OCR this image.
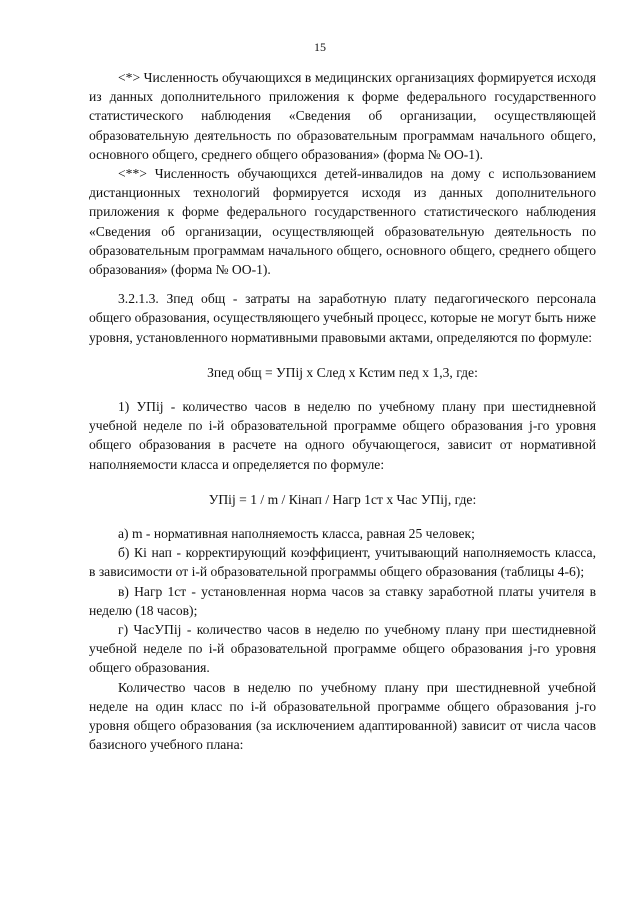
15

<*> Численность обучающихся в медицинских организациях формируется исходя из данных дополнительного приложения к форме федерального государственного статистического наблюдения «Сведения об организации, осуществляющей образовательную деятельность по образовательным программам начального общего, основного общего, среднего общего образования» (форма № ОО-1).

<**> Численность обучающихся детей-инвалидов на дому с использованием дистанционных технологий формируется исходя из данных дополнительного приложения к форме федерального государственного статистического наблюдения «Сведения об организации, осуществляющей образовательную деятельность по образовательным программам начального общего, основного общего, среднего общего образования» (форма № ОО-1).

3.2.1.3. Зпед общ - затраты на заработную плату педагогического персонала общего образования, осуществляющего учебный процесс, которые не могут быть ниже уровня, установленного нормативными правовыми актами, определяются по формуле:

Зпед общ = УПij х След х Кстим пед х 1,3, где:

1) УПij - количество часов в неделю по учебному плану при шестидневной учебной неделе по i-й образовательной программе общего образования j-го уровня общего образования в расчете на одного обучающегося, зависит от нормативной наполняемости класса и определяется по формуле:

УПij = 1 / m / Кiнап / Нагр 1ст х Час УПij, где:

а) m - нормативная наполняемость класса, равная 25 человек;

б) Кi нап - корректирующий коэффициент, учитывающий наполняемость класса, в зависимости от i-й образовательной программы общего образования (таблицы 4-6);

в) Нагр 1ст - установленная норма часов за ставку заработной платы учителя в неделю (18 часов);

г) ЧасУПij - количество часов в неделю по учебному плану при шестидневной учебной неделе по i-й образовательной программе общего образования j-го уровня общего образования.

Количество часов в неделю по учебному плану при шестидневной учебной неделе на один класс по i-й образовательной программе общего образования j-го уровня общего образования (за исключением адаптированной) зависит от числа часов базисного учебного плана:
